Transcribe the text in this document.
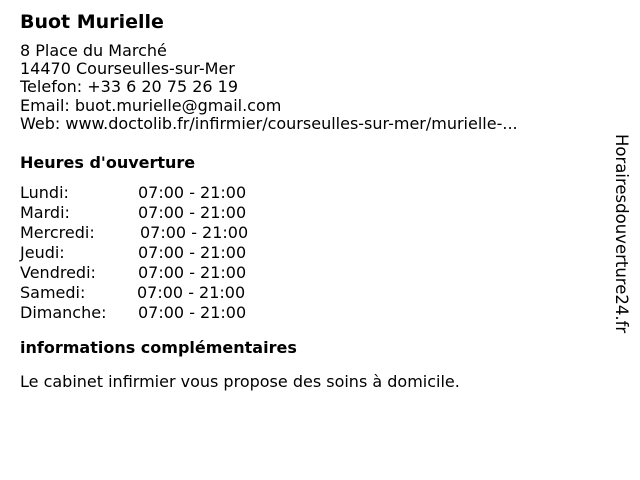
Buot Murielle
8 Place du Marché
14470 Courseulles-sur-Mer
Telefon: +33 6 20 75 26 19
Email: buot.murielle@gmail.com
Web: www.doctolib.fr/infirmier/courseulles-sur-mer/murielle-...
Heures d'ouverture
Lundi:	07:00 - 21:00
Mardi:	07:00 - 21:00
Mercredi:	07:00 - 21:00
Jeudi:	07:00 - 21:00
Vendredi:	07:00 - 21:00
Samedi:	07:00 - 21:00
Dimanche: 07:00 - 21:00
informations complémentaires
Le cabinet infirmier vous propose des soins à domicile.
Horairesdouverture24.fr
